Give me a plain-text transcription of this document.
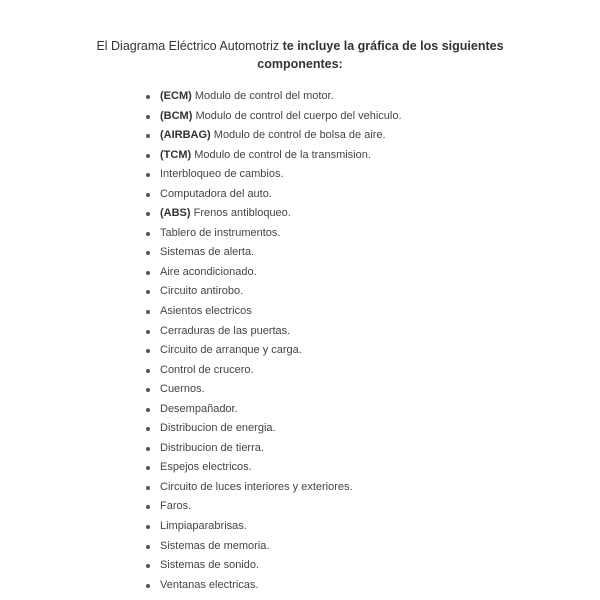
El Diagrama Eléctrico Automotriz te incluye la gráfica de los siguientes
componentes:
(ECM) Modulo de control del motor.
(BCM) Modulo de control del cuerpo del vehiculo.
(AIRBAG) Modulo de control de bolsa de aire.
(TCM) Modulo de control de la transmision.
Interbloqueo de cambios.
Computadora del auto.
(ABS) Frenos antibloqueo.
Tablero de instrumentos.
Sistemas de alerta.
Aire acondicionado.
Circuito antirobo.
Asientos electricos
Cerraduras de las puertas.
Circuito de arranque y carga.
Control de crucero.
Cuernos.
Desempañador.
Distribucion de energia.
Distribucion de tierra.
Espejos electricos.
Circuito de luces interiores y exteriores.
Faros.
Limpiaparabrisas.
Sistemas de memoria.
Sistemas de sonido.
Ventanas electricas.
